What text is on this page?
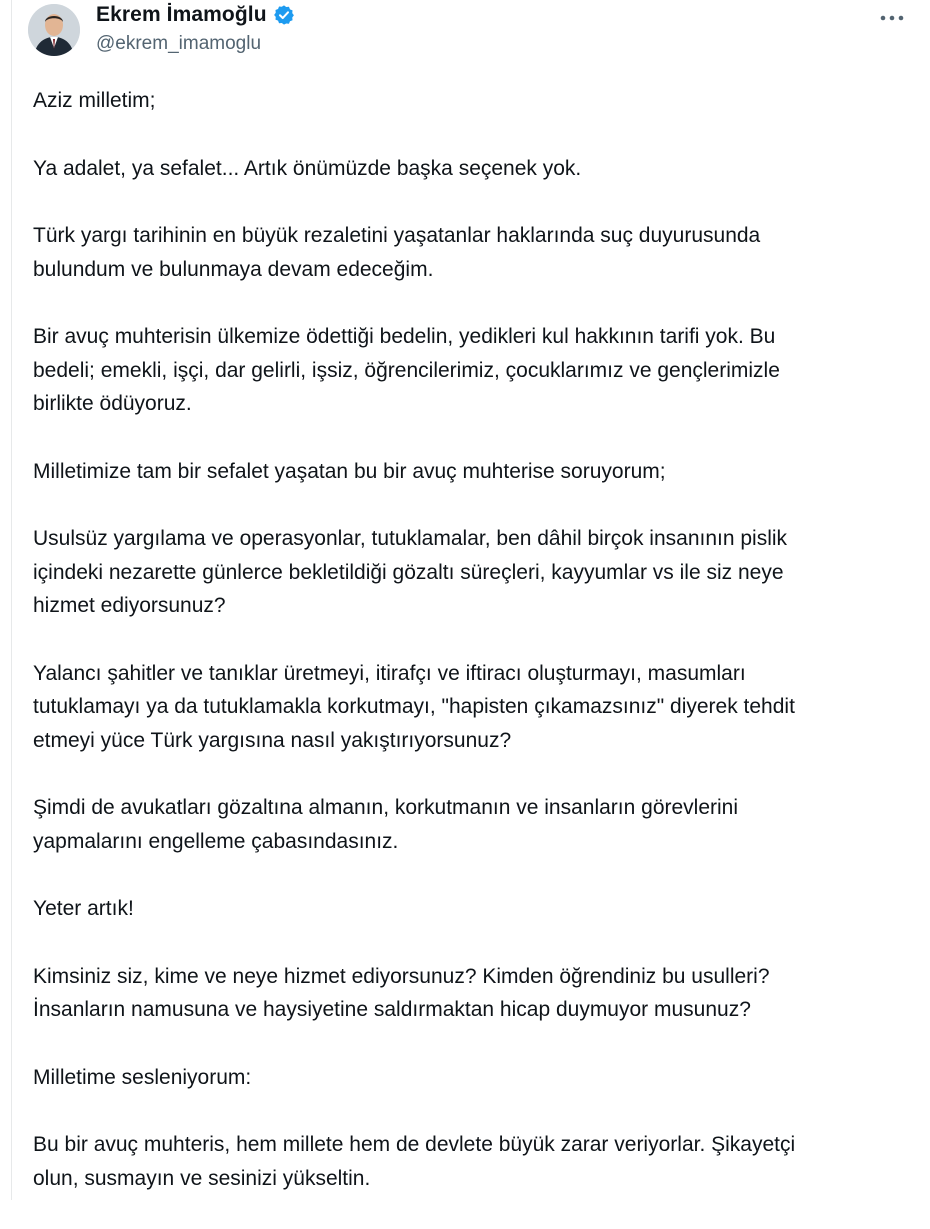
Ekrem İmamoğlu
@ekrem_imamoglu

Aziz milletim;

Ya adalet, ya sefalet... Artık önümüzde başka seçenek yok.

Türk yargı tarihinin en büyük rezaletini yaşatanlar haklarında suç duyurusunda
bulundum ve bulunmaya devam edeceğim.

Bir avuç muhterisin ülkemize ödettiği bedelin, yedikleri kul hakkının tarifi yok. Bu
bedeli; emekli, işçi, dar gelirli, işsiz, öğrencilerimiz, çocuklarımız ve gençlerimizle
birlikte ödüyoruz.

Milletimize tam bir sefalet yaşatan bu bir avuç muhterise soruyorum;

Usulsüz yargılama ve operasyonlar, tutuklamalar, ben dâhil birçok insanının pislik
içindeki nezarette günlerce bekletildiği gözaltı süreçleri, kayyumlar vs ile siz neye
hizmet ediyorsunuz?

Yalancı şahitler ve tanıklar üretmeyi, itirafçı ve iftiracı oluşturmayı, masumları
tutuklamayı ya da tutuklamakla korkutmayı, "hapisten çıkamazsınız" diyerek tehdit
etmeyi yüce Türk yargısına nasıl yakıştırıyorsunuz?

Şimdi de avukatları gözaltına almanın, korkutmanın ve insanların görevlerini
yapmalarını engelleme çabasındasınız.

Yeter artık!

Kimsiniz siz, kime ve neye hizmet ediyorsunuz? Kimden öğrendiniz bu usulleri?
İnsanların namusuna ve haysiyetine saldırmaktan hicap duymuyor musunuz?

Milletime sesleniyorum:

Bu bir avuç muhteris, hem millete hem de devlete büyük zarar veriyorlar. Şikayetçi
olun, susmayın ve sesinizi yükseltin.
